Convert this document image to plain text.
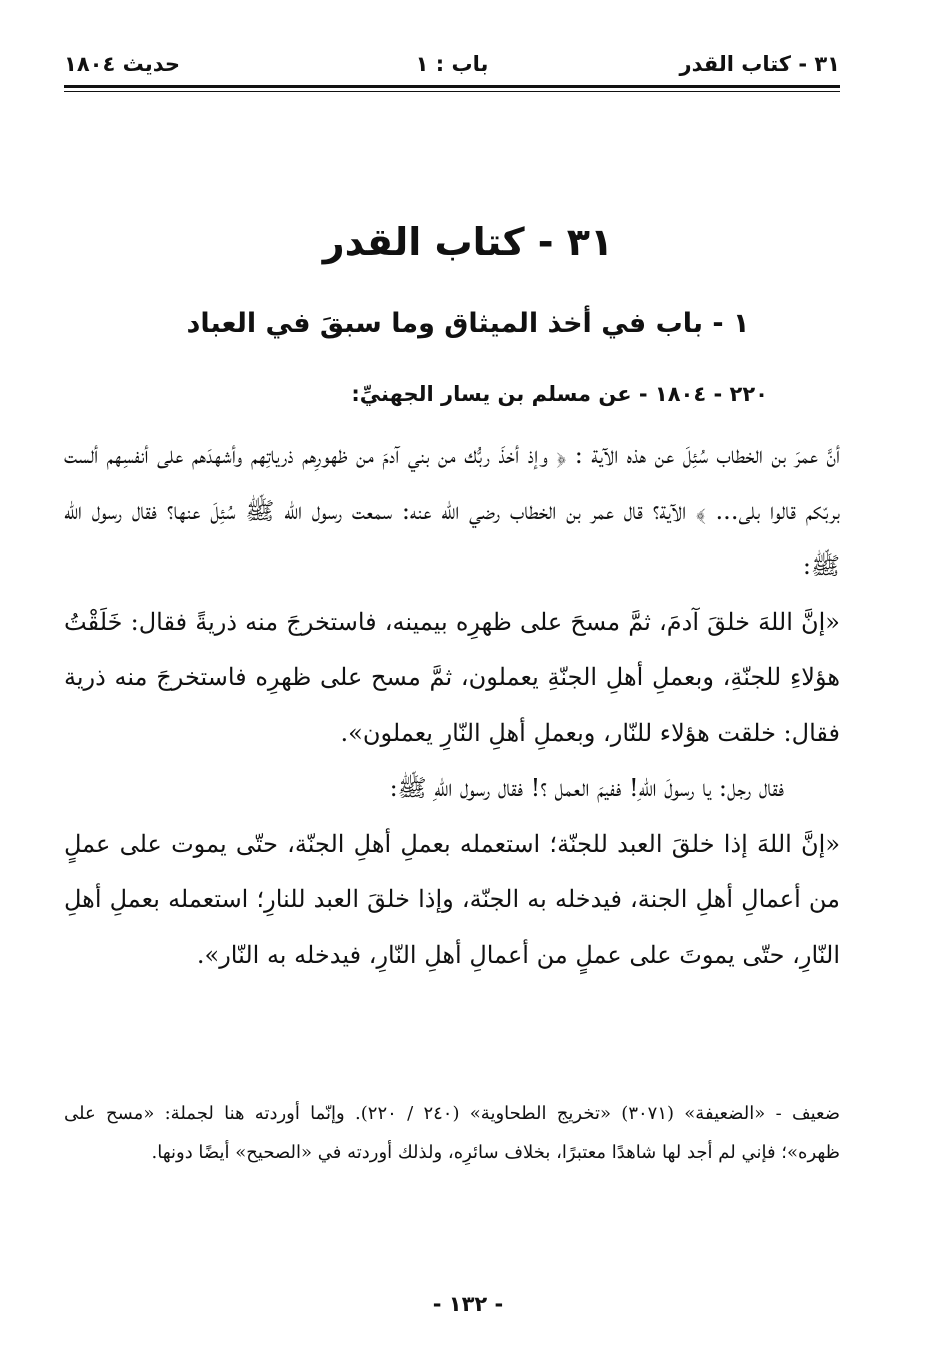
٣١ - كتاب القدر
باب : ١
حديث ١٨٠٤
٣١ - كتاب القدر
١ - باب في أخذ الميثاق وما سبقَ في العباد
٢٢٠ - ١٨٠٤ - عن مسلم بن يسار الجهنيِّ:

أنَّ عمرَ بن الخطاب سُئِلَ عن هذه الآية : ﴿ وإذ أخذَ ربُّك من بني آدمَ من ظهورِهم ذرياتِهم وأشهدَهم على أنفسِهم ألست بربّكم قالوا بلى... ﴾ الآية؟ قال عمر بن الخطاب رضي الله عنه: سمعت رسول الله ﷺ سُئِلَ عنها؟ فقال رسول الله ﷺ:

«إنَّ اللهَ خلقَ آدمَ، ثمَّ مسحَ على ظهرِه بيمينه، فاستخرجَ منه ذريةً فقال: خَلَقْتُ هؤلاءِ للجنّةِ، وبعملِ أهلِ الجنّةِ يعملون، ثمَّ مسح على ظهرِه فاستخرجَ منه ذرية فقال: خلقت هؤلاء للنّار، وبعملِ أهلِ النّارِ يعملون».

فقال رجل: يا رسولَ اللهِ! ففيمَ العمل ؟! فقال رسول اللهِ ﷺ:

«إنَّ اللهَ إذا خلقَ العبد للجنّة؛ استعمله بعملِ أهلِ الجنّة، حتّى يموت على عملٍ من أعمالِ أهلِ الجنة، فيدخله به الجنّة، وإذا خلقَ العبد للنارِ؛ استعمله بعملِ أهلِ النّارِ، حتّى يموتَ على عملٍ من أعمالِ أهلِ النّارِ، فيدخله به النّار».

ضعيف - «الضعيفة» (٣٠٧١) «تخريج الطحاوية» (٢٤٠ / ٢٢٠). وإنّما أوردته هنا لجملة: «مسح على ظهره»؛ فإني لم أجد لها شاهدًا معتبرًا، بخلاف سائرِه، ولذلك أوردته في «الصحيح» أيضًا دونها.
- ١٣٢ -
